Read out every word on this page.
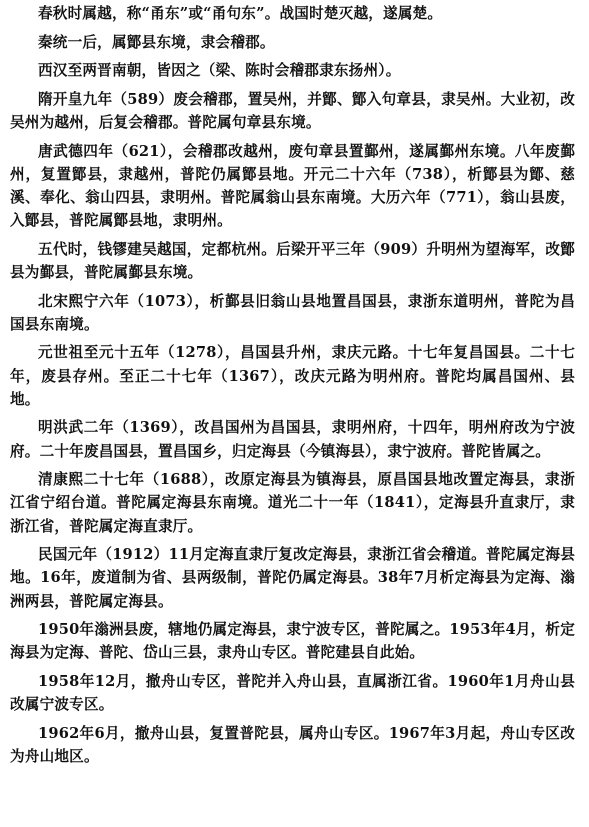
春秋时属越，称“甬东”或“甬句东”。战国时楚灭越，遂属楚。

秦统一后，属鄮县东境，隶会稽郡。

西汉至两晋南朝，皆因之（梁、陈时会稽郡隶东扬州）。

隋开皇九年（589）废会稽郡，置吴州，并鄮、鄮入句章县，隶吴州。大业初，改吴州为越州，后复会稽郡。普陀属句章县东境。

唐武德四年（621），会稽郡改越州，废句章县置鄞州，遂属鄞州东境。八年废鄞州，复置鄮县，隶越州，普陀仍属鄮县地。开元二十六年（738），析鄮县为鄮、慈溪、奉化、翁山四县，隶明州。普陀属翁山县东南境。大历六年（771），翁山县废，入鄮县，普陀属鄮县地，隶明州。

五代时，钱镠建吴越国，定都杭州。后梁开平三年（909）升明州为望海军，改鄮县为鄞县，普陀属鄞县东境。

北宋熙宁六年（1073），析鄞县旧翁山县地置昌国县，隶浙东道明州，普陀为昌国县东南境。

元世祖至元十五年（1278），昌国县升州，隶庆元路。十七年复昌国县。二十七年，废县存州。至正二十七年（1367），改庆元路为明州府。普陀均属昌国州、县地。

明洪武二年（1369），改昌国州为昌国县，隶明州府，十四年，明州府改为宁波府。二十年废昌国县，置昌国乡，归定海县（今镇海县），隶宁波府。普陀皆属之。

清康熙二十七年（1688），改原定海县为镇海县，原昌国县地改置定海县，隶浙江省宁绍台道。普陀属定海县东南境。道光二十一年（1841），定海县升直隶厅，隶浙江省，普陀属定海直隶厅。

民国元年（1912）11月定海直隶厅复改定海县，隶浙江省会稽道。普陀属定海县地。16年，废道制为省、县两级制，普陀仍属定海县。38年7月析定海县为定海、滃洲两县，普陀属定海县。

1950年滃洲县废，辖地仍属定海县，隶宁波专区，普陀属之。1953年4月，析定海县为定海、普陀、岱山三县，隶舟山专区。普陀建县自此始。

1958年12月，撤舟山专区，普陀并入舟山县，直属浙江省。1960年1月舟山县改属宁波专区。

1962年6月，撤舟山县，复置普陀县，属舟山专区。1967年3月起，舟山专区改为舟山地区。
